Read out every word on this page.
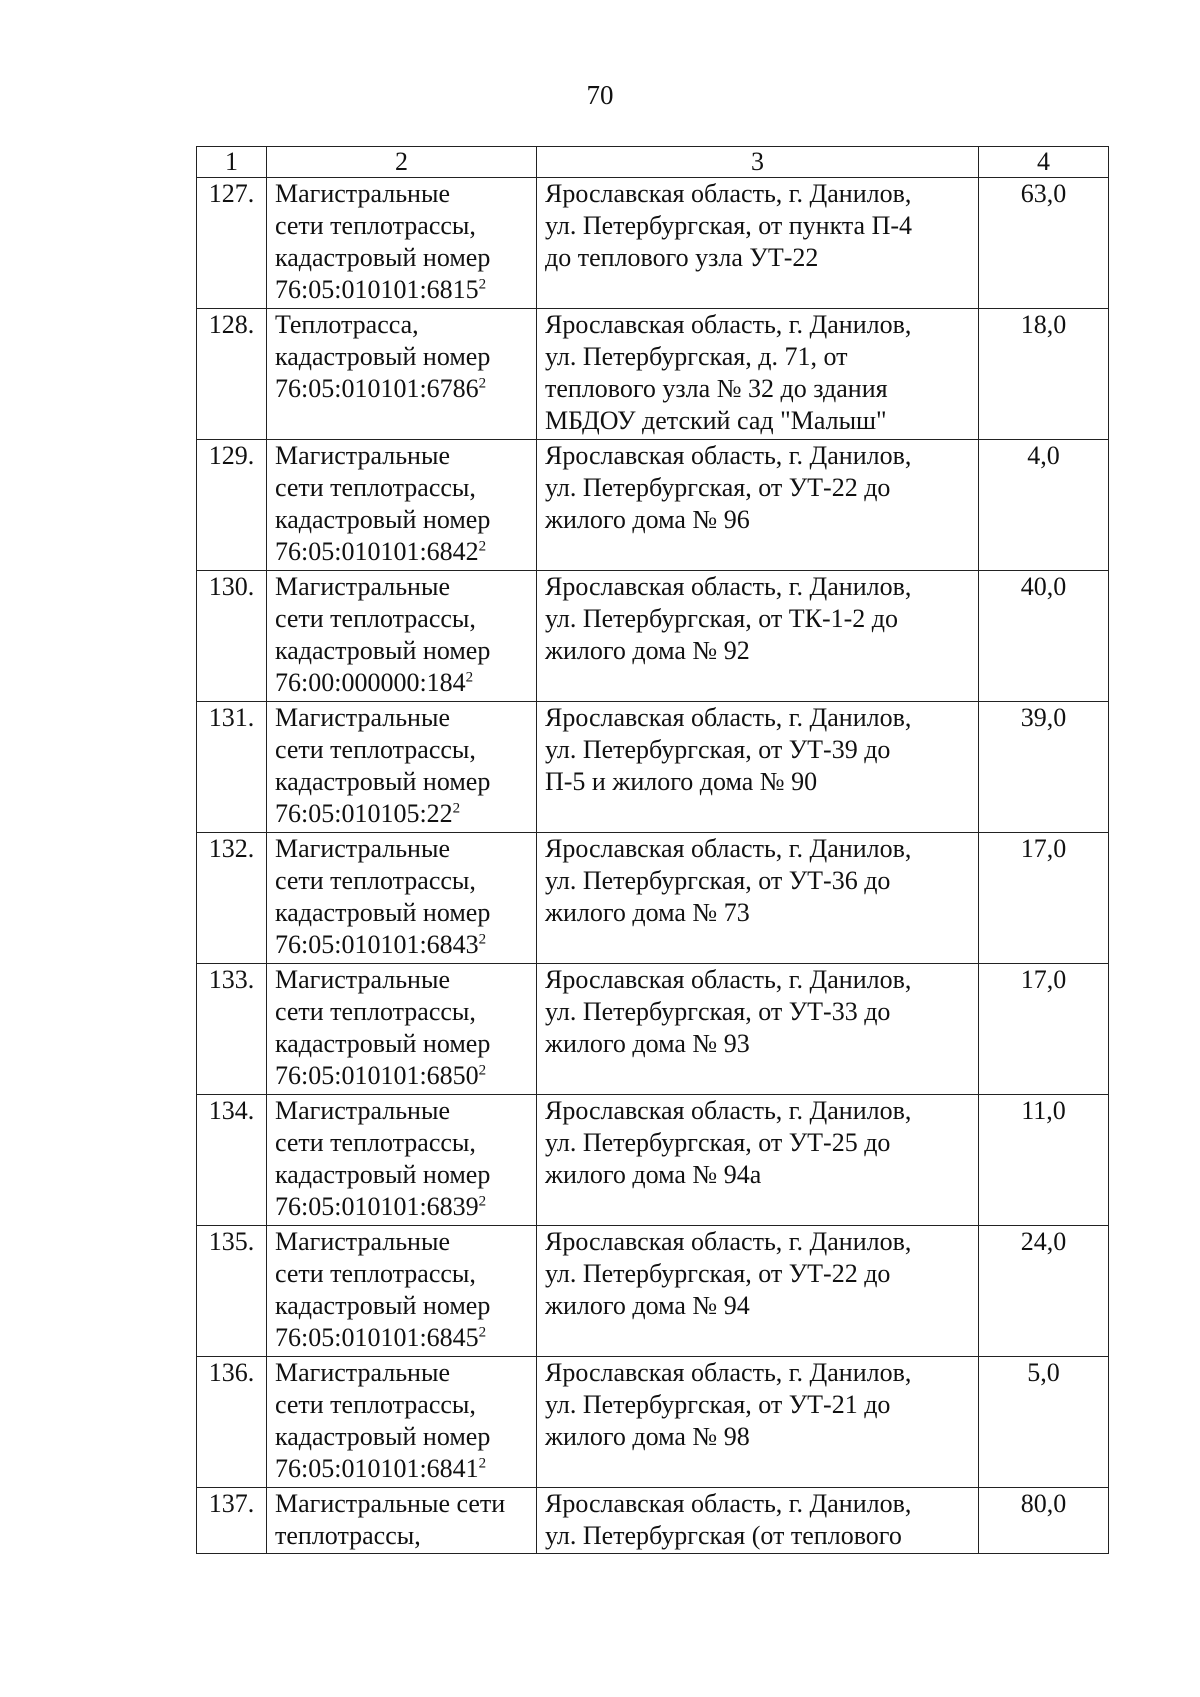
70
1	2	3	4
127.	Магистральные
сети теплотрассы,
кадастровый номер
76:05:010101:6815$^2$	Ярославская область, г. Данилов,
ул. Петербургская, от пункта П-4
до теплового узла УТ-22	63,0
128.	Теплотрасса,
кадастровый номер
76:05:010101:6786$^2$	Ярославская область, г. Данилов,
ул. Петербургская, д. 71, от
теплового узла № 32 до здания
МБДОУ детский сад "Малыш"	18,0
129.	Магистральные
сети теплотрассы,
кадастровый номер
76:05:010101:6842$^2$	Ярославская область, г. Данилов,
ул. Петербургская, от УТ-22 до
жилого дома № 96	4,0
130.	Магистральные
сети теплотрассы,
кадастровый номер
$76:00:000000:184^2$	Ярославская область, г. Данилов,
ул. Петербургская, от ТК-1-2 до
жилого дома № 92	40,0
131.	Магистральные
сети теплотрассы,
кадастровый номер
$76:05:010105:22^2$	Ярославская область, г. Данилов,
ул. Петербургская, от УТ-39 до
П-5 и жилого дома № 90	39,0
132.	Магистральные
сети теплотрассы,
кадастровый номер
76:05:010101:6843$^2$	Ярославская область, г. Данилов,
ул. Петербургская, от УТ-36 до
жилого дома № 73	17,0
133.	Магистральные
сети теплотрассы,
кадастровый номер
76:05:010101:6850$^2$	Ярославская область, г. Данилов,
ул. Петербургская, от УТ-33 до
жилого дома № 93	17,0
134.	Магистральные
сети теплотрассы,
кадастровый номер
76:05:010101:6839$^2$	Ярославская область, г. Данилов,
ул. Петербургская, от УТ-25 до
жилого дома № 94а	11,0
135.	Магистральные
сети теплотрассы,
кадастровый номер
76:05:010101:6845$^2$	Ярославская область, г. Данилов,
ул. Петербургская, от УТ-22 до
жилого дома № 94	24,0
136.	Магистральные
сети теплотрассы,
кадастровый номер
76:05:010101:6841$^2$	Ярославская область, г. Данилов,
ул. Петербургская, от УТ-21 до
жилого дома № 98	5,0
137.	Магистральные сети
теплотрассы,	Ярославская область, г. Данилов,
ул. Петербургская (от теплового	80,0
